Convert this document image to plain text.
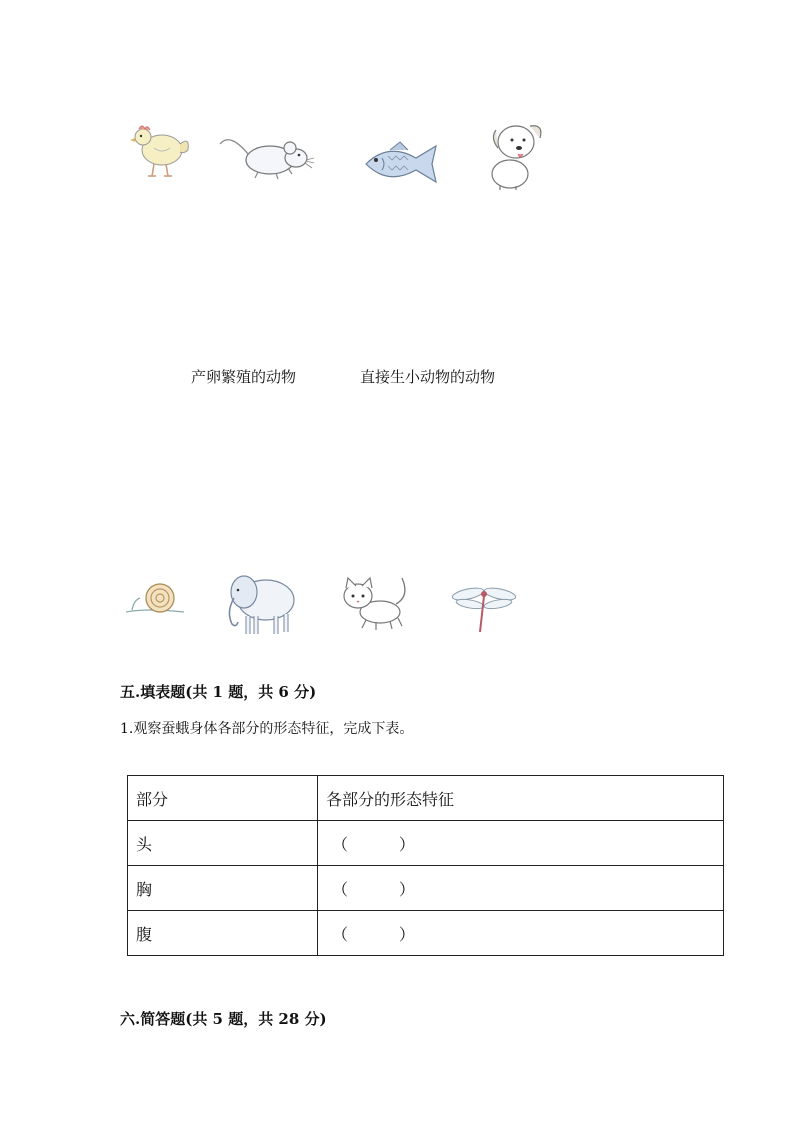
产卵繁殖的动物	直接生小动物的动物
五.填表题(共 1 题，共 6 分)
1.观察蚕蛾身体各部分的形态特征，完成下表。
部分	各部分的形态特征
头	（          ）
胸	（          ）
腹	（          ）
六.简答题(共 5 题，共 28 分)
